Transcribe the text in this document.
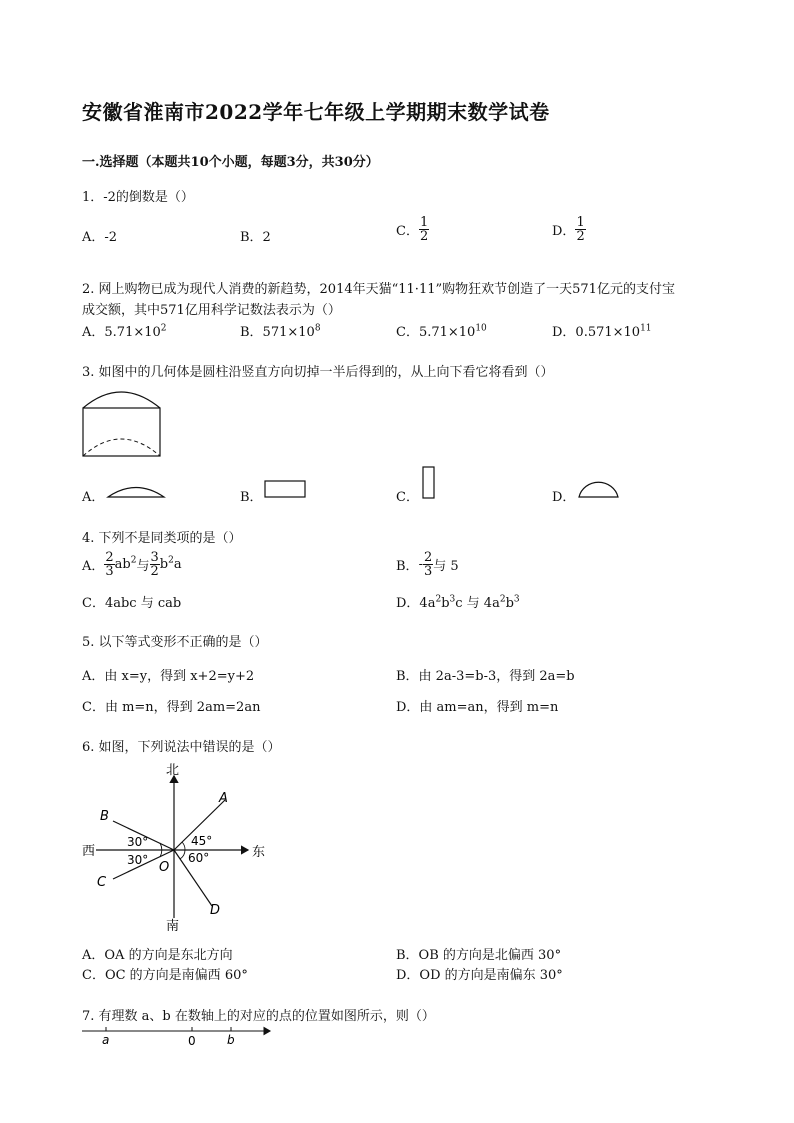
安徽省淮南市2022学年七年级上学期期末数学试卷
一.选择题（本题共10个小题，每题3分，共30分）
1．-2的倒数是（）
A．-2	B．2	C． $\frac{1}{2}$	D． $\frac{1}{2}$
2. 网上购物已成为现代人消费的新趋势，2014年天猫“11·11”购物狂欢节创造了一天571亿元的支付宝
成交额，其中571亿用科学记数法表示为（）
A．$5.71\times 10^2$	B．$571\times 10^8$	C．$5.71\times 10^{10}$	D．$0.571\times 10^{11}$
3. 如图中的几何体是圆柱沿竖直方向切掉一半后得到的，从上向下看它将看到（）
A．	B．	C．	D．
4. 下列不是同类项的是（）
A． $\frac{2}{3} ab^2$与 $\frac{3}{2} b^2a$	B．- $\frac{2}{3}$ 与 5
C．4abc 与 cab	D．$4a^2b^3c$ 与 $4a^2b^3$
5. 以下等式变形不正确的是（）
A．由 x=y，得到 x+2=y+2	B．由 2a-3=b-3，得到 2a=b
C．由 m=n，得到 2am=2an	D．由 am=an，得到 m=n
6. 如图，下列说法中错误的是（）
北
南
西	东
A
B
C
D
O
30°
30°
45°
60°
A．OA 的方向是东北方向	B．OB 的方向是北偏西 30°
C．OC 的方向是南偏西 60°	D．OD 的方向是南偏东 30°
7. 有理数 a、b 在数轴上的对应的点的位置如图所示，则（）
a	0	b
